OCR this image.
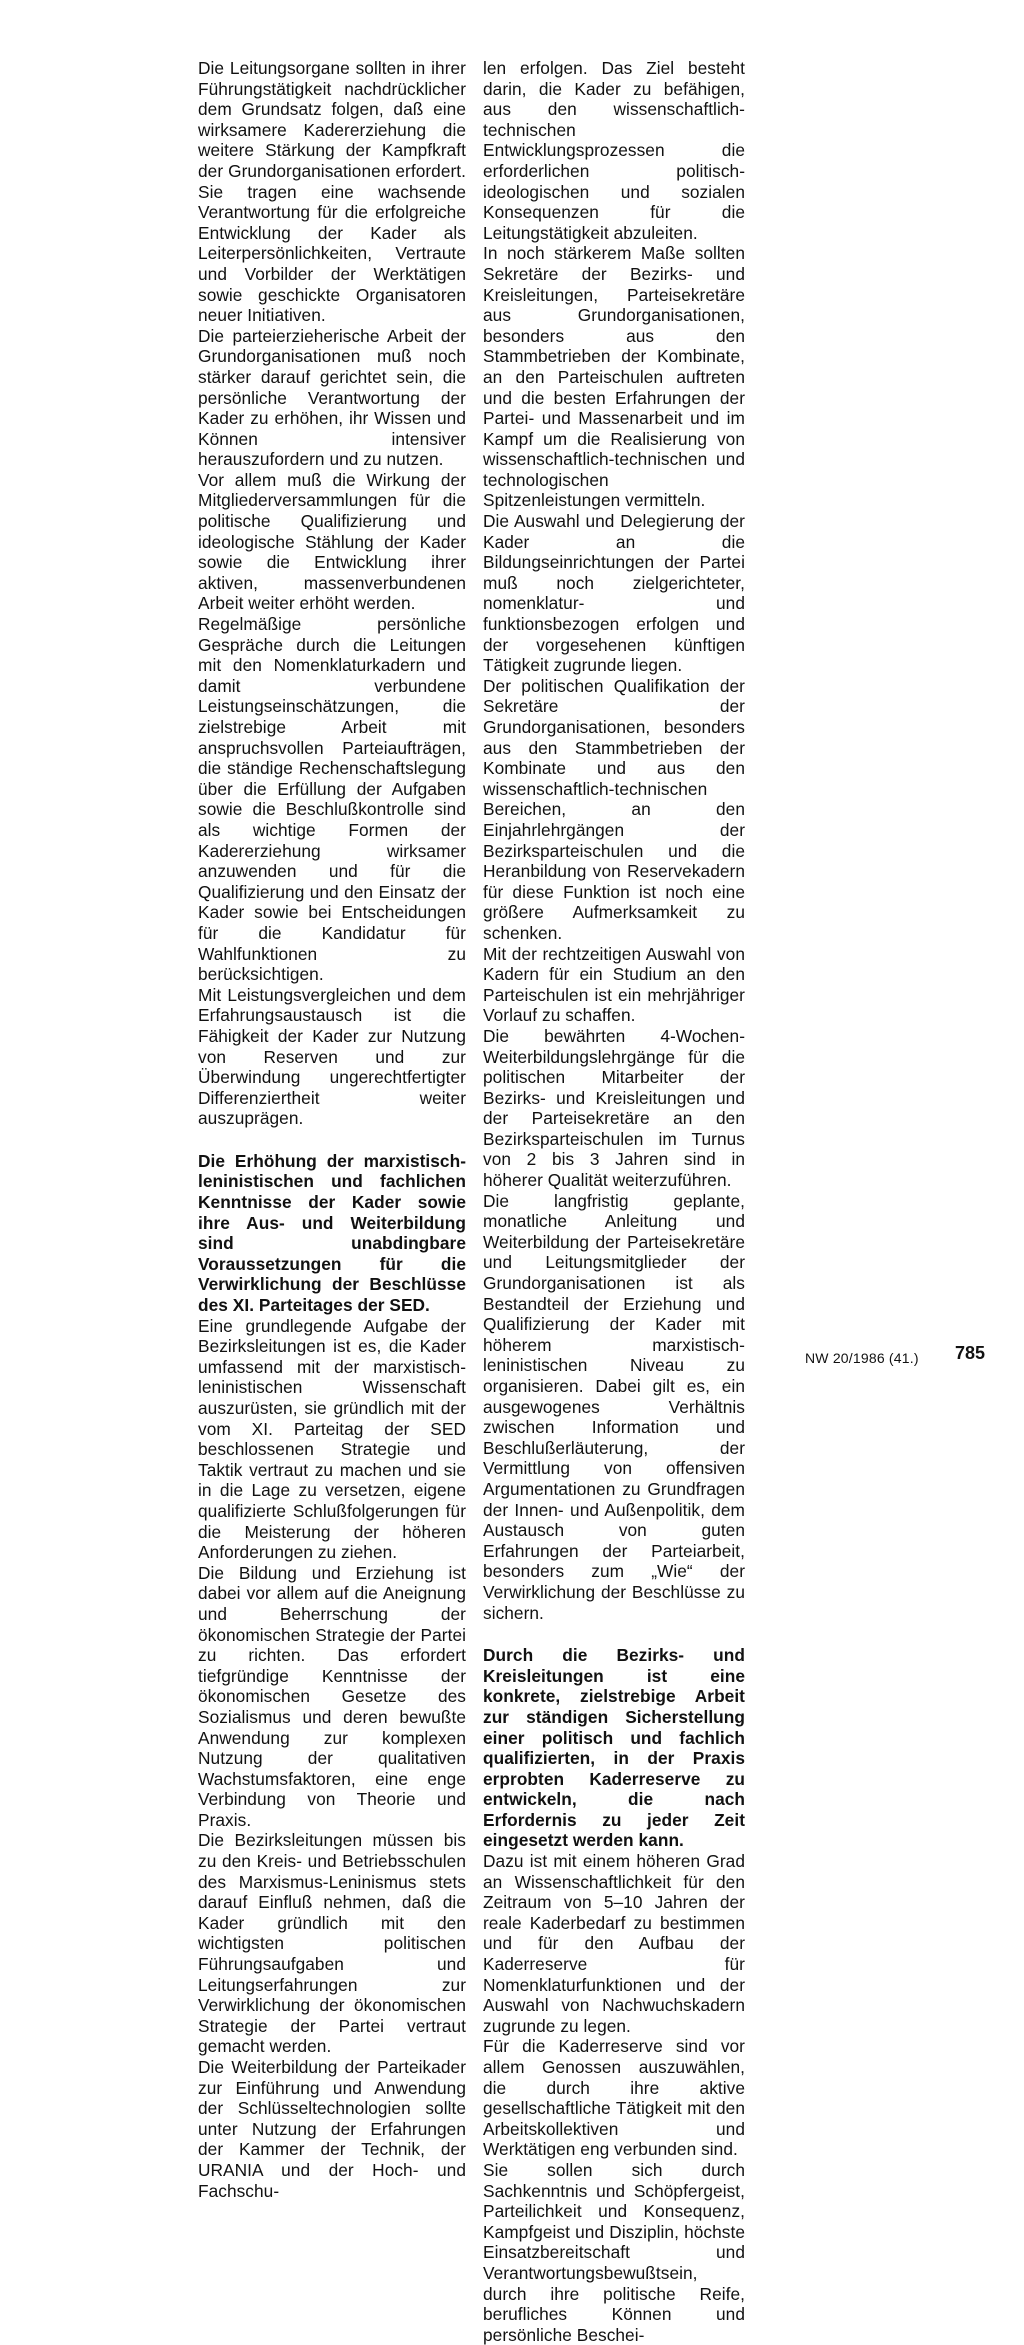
Die Leitungsorgane sollten in ihrer Führungstätigkeit nachdrücklicher dem Grundsatz folgen, daß eine wirksamere Kadererziehung die weitere Stärkung der Kampfkraft der Grundorganisationen erfordert. Sie tragen eine wachsende Verantwortung für die erfolgreiche Entwicklung der Kader als Leiterpersönlichkeiten, Vertraute und Vorbilder der Werktätigen sowie geschickte Organisatoren neuer Initiativen.

Die parteierzieherische Arbeit der Grundorganisationen muß noch stärker darauf gerichtet sein, die persönliche Verantwortung der Kader zu erhöhen, ihr Wissen und Können intensiver herauszufordern und zu nutzen.

Vor allem muß die Wirkung der Mitgliederversammlungen für die politische Qualifizierung und ideologische Stählung der Kader sowie die Entwicklung ihrer aktiven, massenverbundenen Arbeit weiter erhöht werden.

Regelmäßige persönliche Gespräche durch die Leitungen mit den Nomenklaturkadern und damit verbundene Leistungseinschätzungen, die zielstrebige Arbeit mit anspruchsvollen Parteiaufträgen, die ständige Rechenschaftslegung über die Erfüllung der Aufgaben sowie die Beschlußkontrolle sind als wichtige Formen der Kadererziehung wirksamer anzuwenden und für die Qualifizierung und den Einsatz der Kader sowie bei Entscheidungen für die Kandidatur für Wahlfunktionen zu berücksichtigen.

Mit Leistungsvergleichen und dem Erfahrungsaustausch ist die Fähigkeit der Kader zur Nutzung von Reserven und zur Überwindung ungerechtfertigter Differenziertheit weiter auszuprägen.

Die Erhöhung der marxistisch-leninistischen und fachlichen Kenntnisse der Kader sowie ihre Aus- und Weiterbildung sind unabdingbare Voraussetzungen für die Verwirklichung der Beschlüsse des XI. Parteitages der SED.

Eine grundlegende Aufgabe der Bezirksleitungen ist es, die Kader umfassend mit der marxistisch-leninistischen Wissenschaft auszurüsten, sie gründlich mit der vom XI. Parteitag der SED beschlossenen Strategie und Taktik vertraut zu machen und sie in die Lage zu versetzen, eigene qualifizierte Schlußfolgerungen für die Meisterung der höheren Anforderungen zu ziehen.

Die Bildung und Erziehung ist dabei vor allem auf die Aneignung und Beherrschung der ökonomischen Strategie der Partei zu richten. Das erfordert tiefgründige Kenntnisse der ökonomischen Gesetze des Sozialismus und deren bewußte Anwendung zur komplexen Nutzung der qualitativen Wachstumsfaktoren, eine enge Verbindung von Theorie und Praxis.

Die Bezirksleitungen müssen bis zu den Kreis- und Betriebsschulen des Marxismus-Leninismus stets darauf Einfluß nehmen, daß die Kader gründlich mit den wichtigsten politischen Führungsaufgaben und Leitungserfahrungen zur Verwirklichung der ökonomischen Strategie der Partei vertraut gemacht werden.

Die Weiterbildung der Parteikader zur Einführung und Anwendung der Schlüsseltechnologien sollte unter Nutzung der Erfahrungen der Kammer der Technik, der URANIA und der Hoch- und Fachschu-

len erfolgen. Das Ziel besteht darin, die Kader zu befähigen, aus den wissenschaftlich-technischen Entwicklungsprozessen die erforderlichen politisch-ideologischen und sozialen Konsequenzen für die Leitungstätigkeit abzuleiten.

In noch stärkerem Maße sollten Sekretäre der Bezirks- und Kreisleitungen, Parteisekretäre aus Grundorganisationen, besonders aus den Stammbetrieben der Kombinate, an den Parteischulen auftreten und die besten Erfahrungen der Partei- und Massenarbeit und im Kampf um die Realisierung von wissenschaftlich-technischen und technologischen Spitzenleistungen vermitteln.

Die Auswahl und Delegierung der Kader an die Bildungseinrichtungen der Partei muß noch zielgerichteter, nomenklatur- und funktionsbezogen erfolgen und der vorgesehenen künftigen Tätigkeit zugrunde liegen.

Der politischen Qualifikation der Sekretäre der Grundorganisationen, besonders aus den Stammbetrieben der Kombinate und aus den wissenschaftlich-technischen Bereichen, an den Einjahrlehrgängen der Bezirksparteischulen und die Heranbildung von Reservekadern für diese Funktion ist noch eine größere Aufmerksamkeit zu schenken.

Mit der rechtzeitigen Auswahl von Kadern für ein Studium an den Parteischulen ist ein mehrjähriger Vorlauf zu schaffen.

Die bewährten 4-Wochen-Weiterbildungslehrgänge für die politischen Mitarbeiter der Bezirks- und Kreisleitungen und der Parteisekretäre an den Bezirksparteischulen im Turnus von 2 bis 3 Jahren sind in höherer Qualität weiterzuführen.

Die langfristig geplante, monatliche Anleitung und Weiterbildung der Parteisekretäre und Leitungsmitglieder der Grundorganisationen ist als Bestandteil der Erziehung und Qualifizierung der Kader mit höherem marxistisch-leninistischen Niveau zu organisieren. Dabei gilt es, ein ausgewogenes Verhältnis zwischen Information und Beschlußerläuterung, der Vermittlung von offensiven Argumentationen zu Grundfragen der Innen- und Außenpolitik, dem Austausch von guten Erfahrungen der Parteiarbeit, besonders zum „Wie“ der Verwirklichung der Beschlüsse zu sichern.

Durch die Bezirks- und Kreisleitungen ist eine konkrete, zielstrebige Arbeit zur ständigen Sicherstellung einer politisch und fachlich qualifizierten, in der Praxis erprobten Kaderreserve zu entwickeln, die nach Erfordernis zu jeder Zeit eingesetzt werden kann.

Dazu ist mit einem höheren Grad an Wissenschaftlichkeit für den Zeitraum von 5–10 Jahren der reale Kaderbedarf zu bestimmen und für den Aufbau der Kaderreserve für Nomenklaturfunktionen und der Auswahl von Nachwuchskadern zugrunde zu legen.

Für die Kaderreserve sind vor allem Genossen auszuwählen, die durch ihre aktive gesellschaftliche Tätigkeit mit den Arbeitskollektiven und Werktätigen eng verbunden sind.

Sie sollen sich durch Sachkenntnis und Schöpfergeist, Parteilichkeit und Konsequenz, Kampfgeist und Disziplin, höchste Einsatzbereitschaft und Verantwortungsbewußtsein, durch ihre politische Reife, berufliches Können und persönliche Beschei-

NW 20/1986 (41.) 785
